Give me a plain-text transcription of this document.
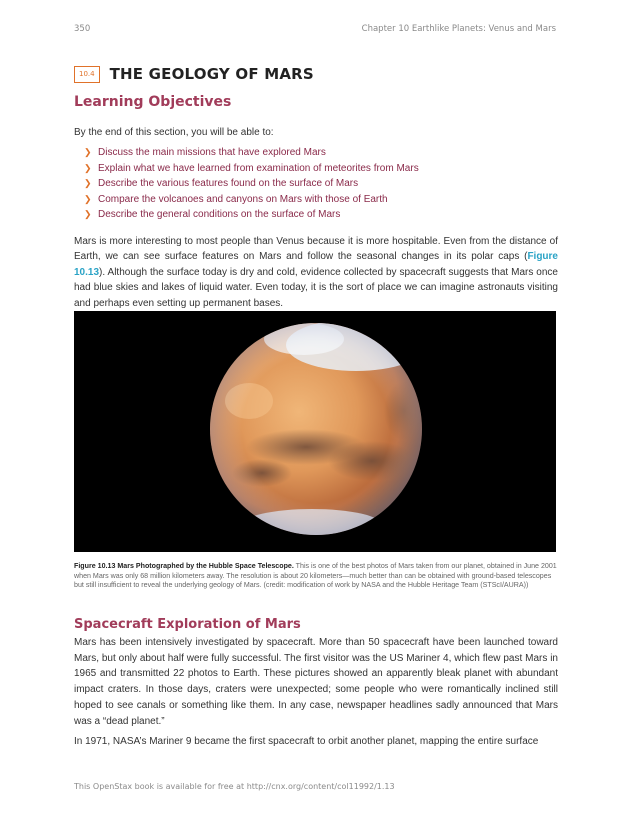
350	Chapter 10 Earthlike Planets: Venus and Mars
10.4	THE GEOLOGY OF MARS
Learning Objectives
By the end of this section, you will be able to:
❯ Discuss the main missions that have explored Mars
❯ Explain what we have learned from examination of meteorites from Mars
❯ Describe the various features found on the surface of Mars
❯ Compare the volcanoes and canyons on Mars with those of Earth
❯ Describe the general conditions on the surface of Mars

Mars is more interesting to most people than Venus because it is more hospitable. Even from the distance of Earth, we can see surface features on Mars and follow the seasonal changes in its polar caps (Figure 10.13). Although the surface today is dry and cold, evidence collected by spacecraft suggests that Mars once had blue skies and lakes of liquid water. Even today, it is the sort of place we can imagine astronauts visiting and perhaps even setting up permanent bases.

Figure 10.13 Mars Photographed by the Hubble Space Telescope. This is one of the best photos of Mars taken from our planet, obtained in June 2001 when Mars was only 68 million kilometers away. The resolution is about 20 kilometers—much better than can be obtained with ground-based telescopes but still insufficient to reveal the underlying geology of Mars. (credit: modification of work by NASA and the Hubble Heritage Team (STScI/AURA))

Spacecraft Exploration of Mars

Mars has been intensively investigated by spacecraft. More than 50 spacecraft have been launched toward Mars, but only about half were fully successful. The first visitor was the US Mariner 4, which flew past Mars in 1965 and transmitted 22 photos to Earth. These pictures showed an apparently bleak planet with abundant impact craters. In those days, craters were unexpected; some people who were romantically inclined still hoped to see canals or something like them. In any case, newspaper headlines sadly announced that Mars was a “dead planet.”

In 1971, NASA’s Mariner 9 became the first spacecraft to orbit another planet, mapping the entire surface

This OpenStax book is available for free at http://cnx.org/content/col11992/1.13
